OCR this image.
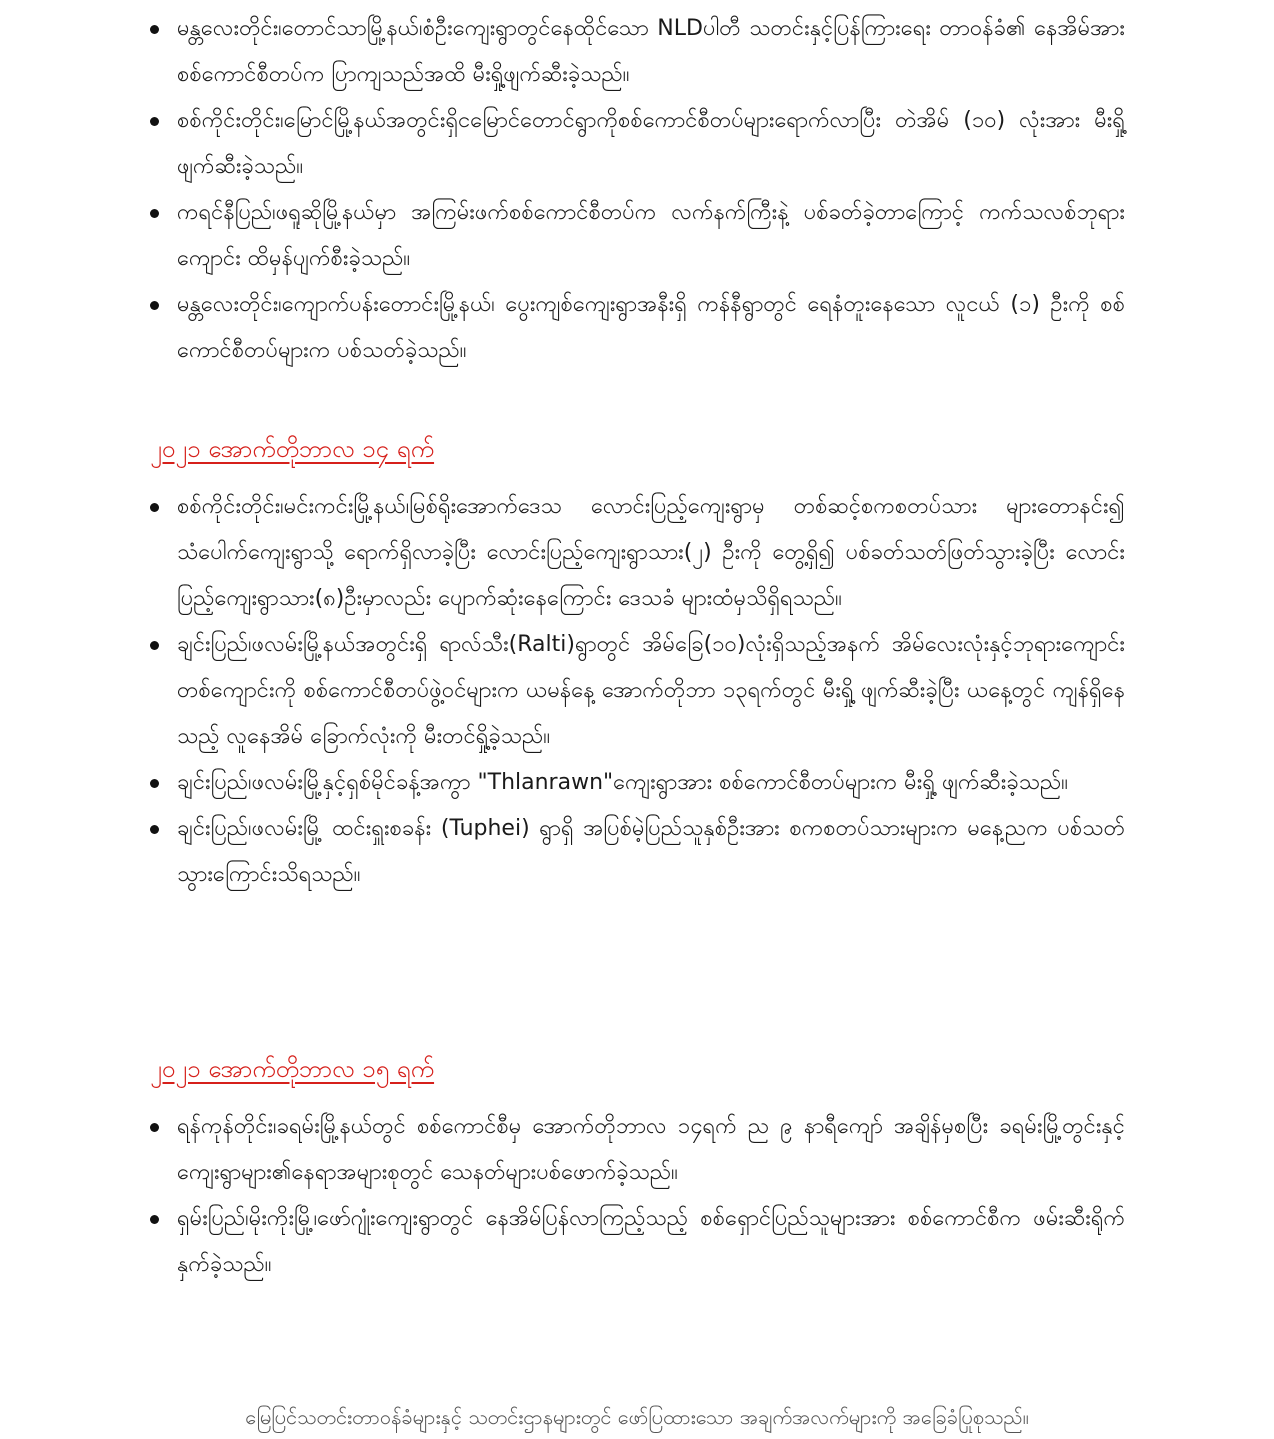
မန္တလေးတိုင်း၊တောင်သာမြို့နယ်၊စံဦးကျေးရွာတွင်နေထိုင်သော NLDပါတီ သတင်းနှင့်ပြန်ကြားရေး တာဝန်ခံ၏ နေအိမ်အား စစ်ကောင်စီတပ်က ပြာကျသည်အထိ မီးရှို့ဖျက်ဆီးခဲ့သည်။
စစ်ကိုင်းတိုင်း၊မြောင်မြို့နယ်အတွင်းရှိငမြောင်တောင်ရွာကိုစစ်ကောင်စီတပ်များရောက်လာပြီး တဲအိမ် (၁၀) လုံးအား မီးရှို့ဖျက်ဆီးခဲ့သည်။
ကရင်နီပြည်၊ဖရူဆိုမြို့နယ်မှာ အကြမ်းဖက်စစ်ကောင်စီတပ်က လက်နက်ကြီးနဲ့ ပစ်ခတ်ခဲ့တာကြောင့် ကက်သလစ်ဘုရားကျောင်း ထိမှန်ပျက်စီးခဲ့သည်။
မန္တလေးတိုင်း၊ကျောက်ပန်းတောင်းမြို့နယ်၊ ပွေးကျစ်ကျေးရွာအနီးရှိ ကန်နီရွာတွင် ရေနံတူးနေသော လူငယ် (၁) ဦးကို စစ်ကောင်စီတပ်များက ပစ်သတ်ခဲ့သည်။
၂၀၂၁ အောက်တိုဘာလ ၁၄ ရက်
စစ်ကိုင်းတိုင်း၊မင်းကင်းမြို့နယ်၊မြစ်ရိုးအောက်ဒေသ လောင်းပြည့်ကျေးရွာမှ တစ်ဆင့်စကစတပ်သား များတောနင်း၍ သံပေါက်ကျေးရွာသို့ ရောက်ရှိလာခဲ့ပြီး လောင်းပြည့်ကျေးရွာသား(၂) ဦးကို တွေ့ရှိ၍ ပစ်ခတ်သတ်ဖြတ်သွားခဲ့ပြီး လောင်းပြည့်ကျေးရွာသား(၈)ဦးမှာလည်း ပျောက်ဆုံးနေကြောင်း ဒေသခံ များထံမှသိရှိရသည်။
ချင်းပြည်၊ဖလမ်းမြို့နယ်အတွင်းရှိ ရာလ်သီး(Ralti)ရွာတွင် အိမ်ခြေ(၁၀)လုံးရှိသည့်အနက် အိမ်လေးလုံးနှင့်ဘုရားကျောင်းတစ်ကျောင်းကို စစ်ကောင်စီတပ်ဖွဲ့ဝင်များက ယမန်နေ့ အောက်တိုဘာ ၁၃ရက်တွင် မီးရှို့ ဖျက်ဆီးခဲ့ပြီး ယနေ့တွင် ကျန်ရှိနေသည့် လူနေအိမ် ခြောက်လုံးကို မီးတင်ရှို့ခဲ့သည်။
ချင်းပြည်၊ဖလမ်းမြို့နှင့်ရှစ်မိုင်ခန့်အကွာ "Thlanrawn"ကျေးရွာအား စစ်ကောင်စီတပ်များက မီးရှို့ ဖျက်ဆီးခဲ့သည်။
ချင်းပြည်၊ဖလမ်းမြို့ ထင်းရှူးစခန်း (Tuphei) ရွာရှိ အပြစ်မဲ့ပြည်သူနှစ်ဦးအား စကစတပ်သားများက မနေ့ညက ပစ်သတ်သွားကြောင်းသိရသည်။
၂၀၂၁ အောက်တိုဘာလ ၁၅ ရက်
ရန်ကုန်တိုင်း၊ခရမ်းမြို့နယ်တွင် စစ်ကောင်စီမှ အောက်တိုဘာလ ၁၄ရက် ည ၉ နာရီကျော် အချိန်မှစပြီး ခရမ်းမြို့တွင်းနှင့်ကျေးရွာများ၏နေရာအများစုတွင် သေနတ်များပစ်ဖောက်ခဲ့သည်။
ရှမ်းပြည်၊မိုးကိုးမြို့၊ဖော်ဂျုံးကျေးရွာတွင် နေအိမ်ပြန်လာကြည့်သည့် စစ်ရှောင်ပြည်သူများအား စစ်ကောင်စီက ဖမ်းဆီးရိုက်နှက်ခဲ့သည်။
မြေပြင်သတင်းတာဝန်ခံများနှင့် သတင်းဌာနများတွင် ဖော်ပြထားသော အချက်အလက်များကို အခြေခံပြုစုသည်။
